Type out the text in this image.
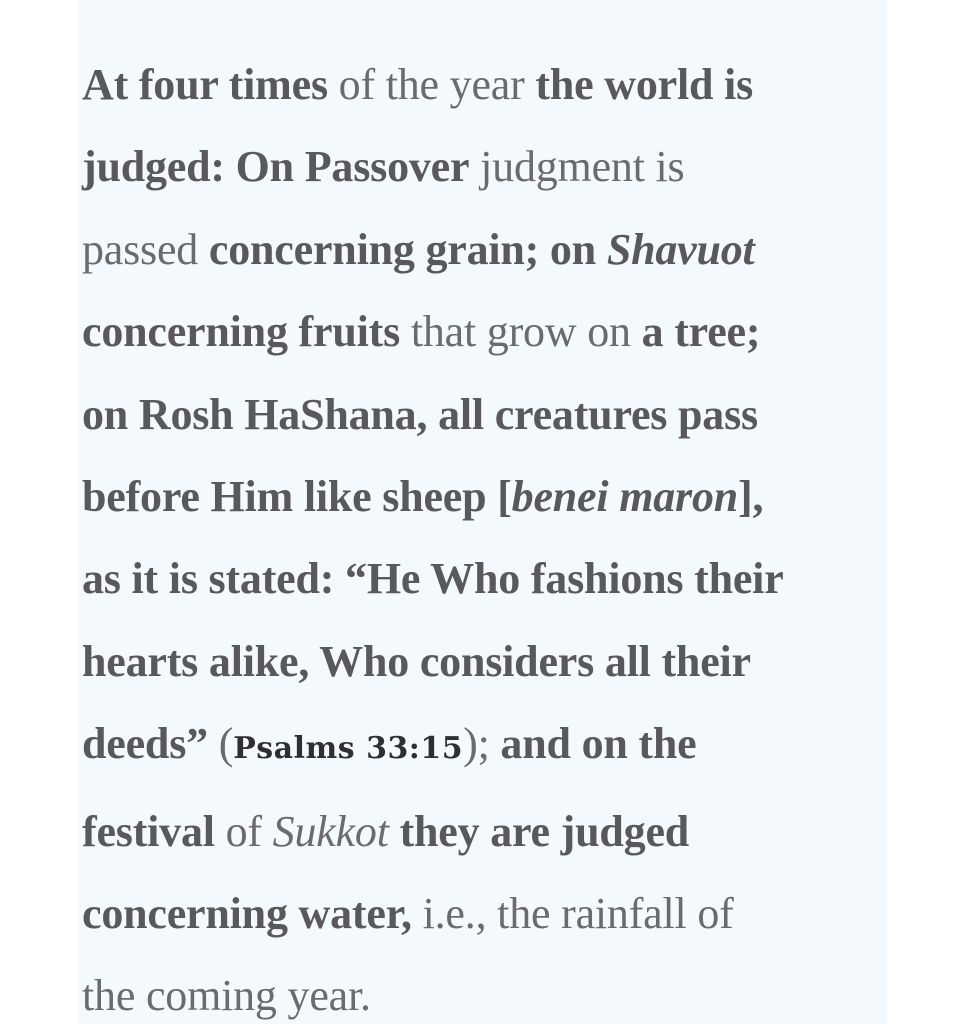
At four times of the year the world is
judged: On Passover judgment is
passed concerning grain; on Shavuot
concerning fruits that grow on a tree;
on Rosh HaShana, all creatures pass
before Him like sheep [benei maron],
as it is stated: “He Who fashions their
hearts alike, Who considers all their
deeds” (Psalms 33:15); and on the
festival of Sukkot they are judged
concerning water, i.e., the rainfall of
the coming year.
